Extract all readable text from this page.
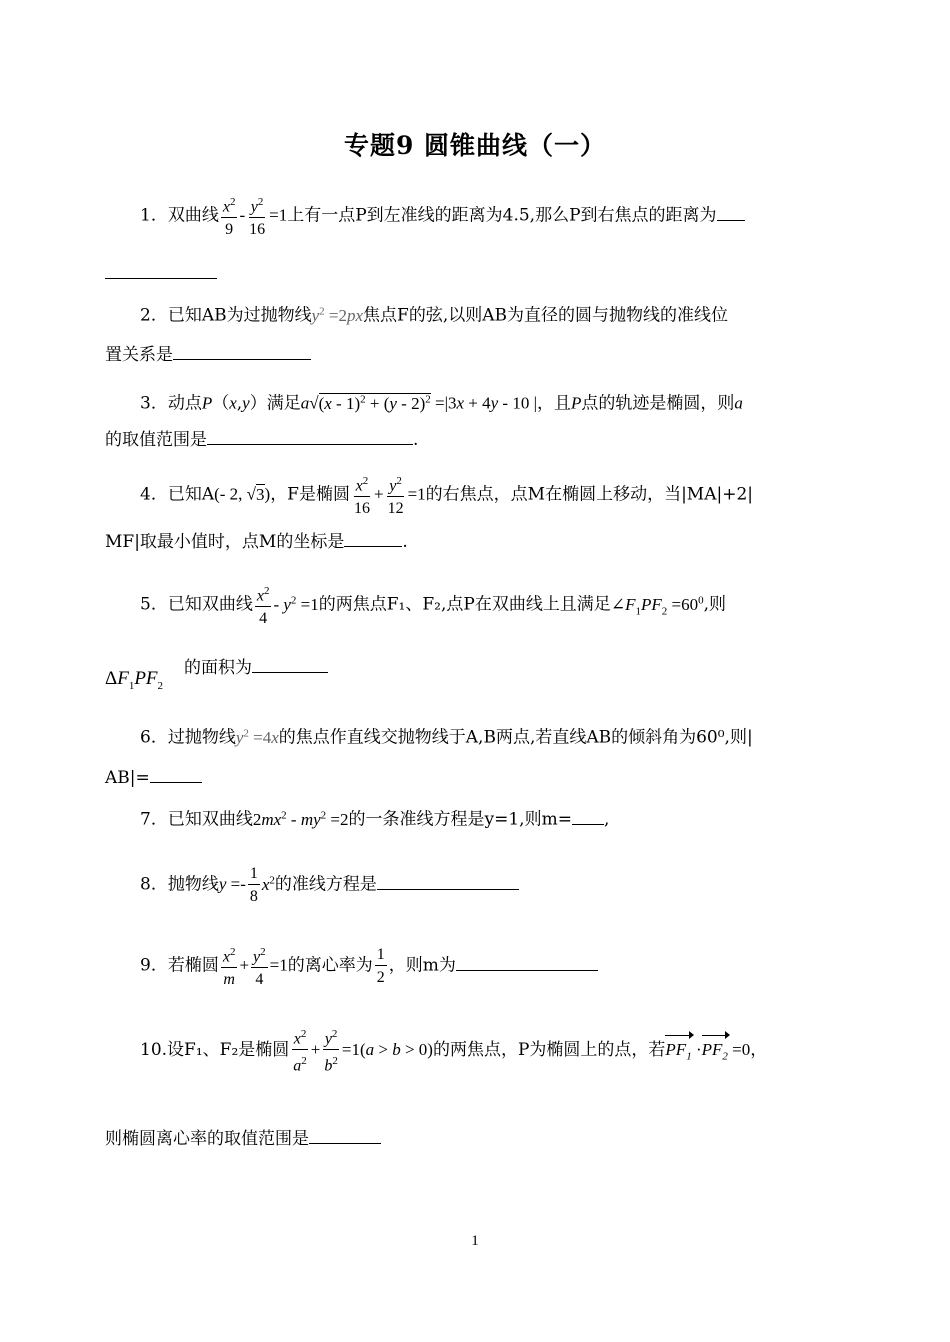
专题9 圆锥曲线（一）
1．双曲线 $\frac{x^2}{9} - \frac{y^2}{16} =1$上有一点P到左准线的距离为4.5,那么P到右焦点的距离为
2．已知AB为过抛物线$y^2 =2px$焦点F的弦,以则AB为直径的圆与抛物线的准线位
置关系是
3．动点P（x,y）满足a√(x - 1)$^2$ + (y - 2)$^2$ =|3x + 4y - 10 |，且P点的轨迹是椭圆，则a
的取值范围是	.
4．已知A(- 2, √3)，F是椭圆 $\frac{x^2}{16} + \frac{y^2}{12} =1$的右焦点，点M在椭圆上移动，当|MA|+2|
MF|取最小值时，点M的坐标是	.
5．已知双曲线 $\frac{x^2}{4} - y^2 =1$的两焦点F₁、F₂,点P在双曲线上且满足$\angle F_1PF_2 =60^0$,则
$\Delta F_1PF_2$
的面积为
6．过抛物线$y^2 =4x$的焦点作直线交抛物线于A,B两点,若直线AB的倾斜角为60⁰,则|
AB|=
7．已知双曲线$2mx^2 - my^2 =2$的一条准线方程是y=1,则m= ,
8．抛物线$y =- \frac{1}{8} x^2$的准线方程是
9．若椭圆 $\frac{x^2}{m} + \frac{y^2}{4} =1$的离心率为 $\frac{1}{2}$ ，则m为
10.设F₁、F₂是椭圆 $\frac{x^2}{a^2} + \frac{y^2}{b^2} =1(a > b > 0)$的两焦点，P为椭圆上的点，若$PF_1 \cdot PF_2 =0$，
则椭圆离心率的取值范围是
1
